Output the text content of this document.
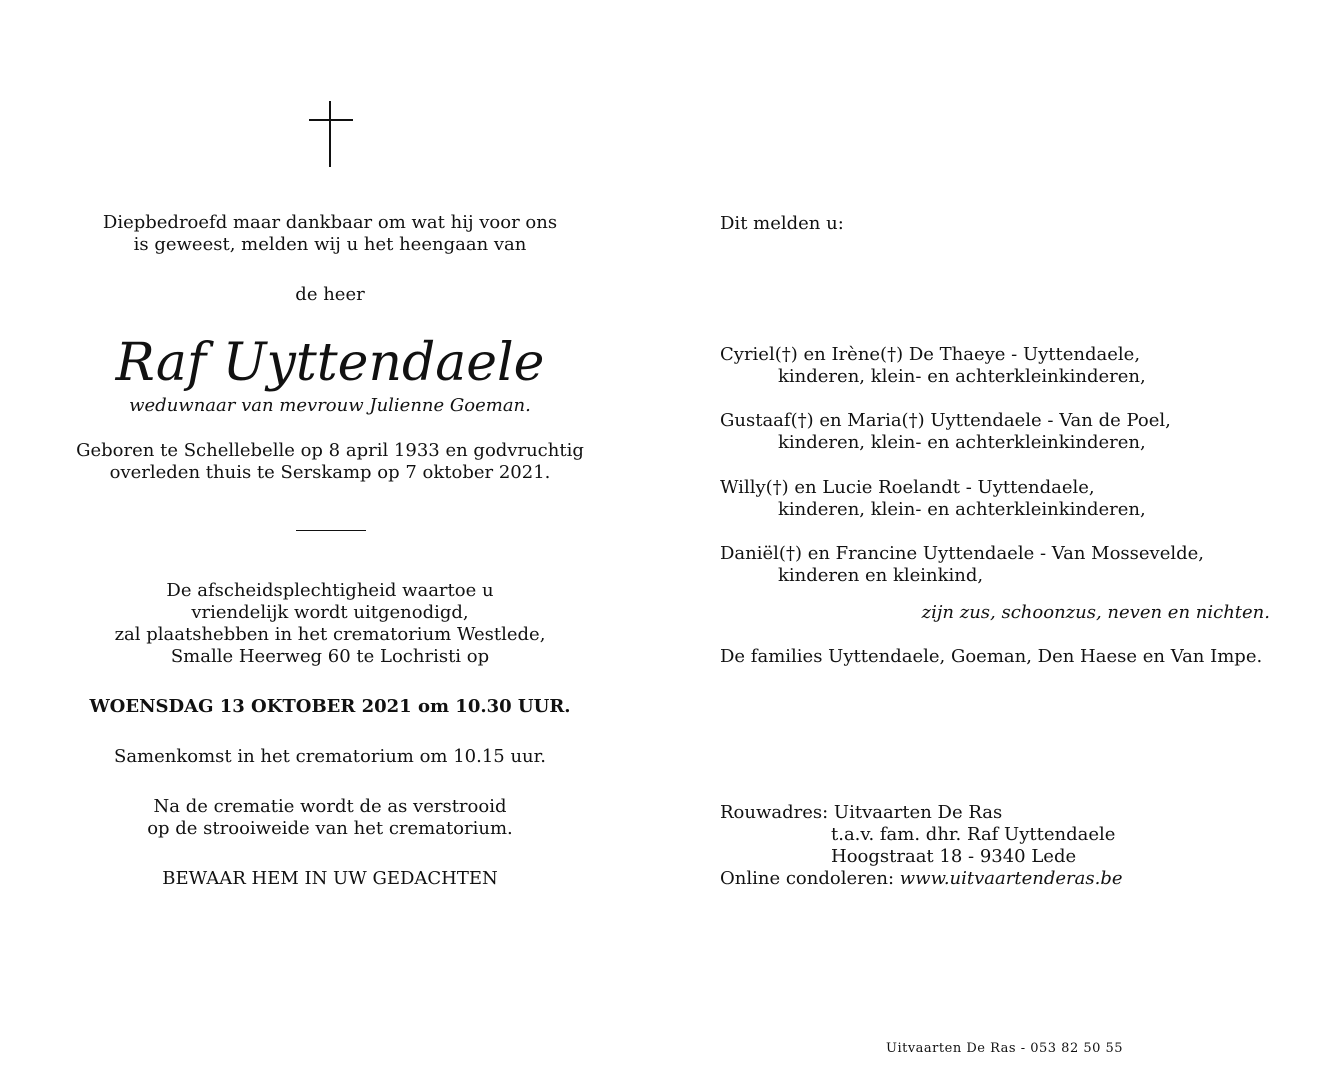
Diepbedroefd maar dankbaar om wat hij voor ons
is geweest, melden wij u het heengaan van
de heer
Raf Uyttendaele
weduwnaar van mevrouw Julienne Goeman.
Geboren te Schellebelle op 8 april 1933 en godvruchtig
overleden thuis te Serskamp op 7 oktober 2021.
De afscheidsplechtigheid waartoe u
vriendelijk wordt uitgenodigd,
zal plaatshebben in het crematorium Westlede,
Smalle Heerweg 60 te Lochristi op
WOENSDAG 13 OKTOBER 2021 om 10.30 UUR.
Samenkomst in het crematorium om 10.15 uur.
Na de crematie wordt de as verstrooid
op de strooiweide van het crematorium.
BEWAAR HEM IN UW GEDACHTEN
Dit melden u:
Cyriel(†) en Irène(†) De Thaeye - Uyttendaele,
kinderen, klein- en achterkleinkinderen,
Gustaaf(†) en Maria(†) Uyttendaele - Van de Poel,
kinderen, klein- en achterkleinkinderen,
Willy(†) en Lucie Roelandt - Uyttendaele,
kinderen, klein- en achterkleinkinderen,
Daniël(†) en Francine Uyttendaele - Van Mossevelde,
kinderen en kleinkind,
zijn zus, schoonzus, neven en nichten.
De families Uyttendaele, Goeman, Den Haese en Van Impe.
Rouwadres: Uitvaarten De Ras
t.a.v. fam. dhr. Raf Uyttendaele
Hoogstraat 18 - 9340 Lede
Online condoleren: www.uitvaartenderas.be
Uitvaarten De Ras - 053 82 50 55
